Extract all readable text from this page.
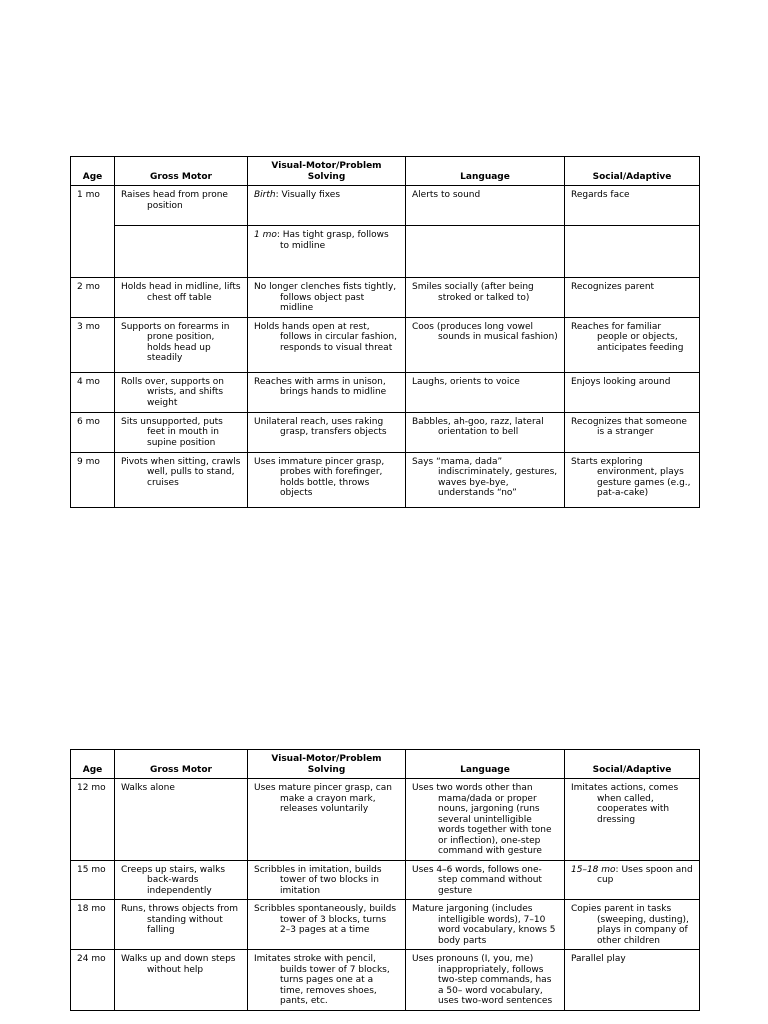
Age	Gross Motor	Visual-Motor/Problem Solving	Language	Social/Adaptive
1 mo	Raises head from prone position	Birth: Visually fixes	Alerts to sound	Regards face

		1 mo: Has tight grasp, follows to midline		

2 mo	Holds head in midline, lifts chest off table	No longer clenches fists tightly, follows object past midline	Smiles socially (after being stroked or talked to)	Recognizes parent

3 mo	Supports on forearms in prone position, holds head up steadily	Holds hands open at rest, follows in circular fashion, responds to visual threat	Coos (produces long vowel sounds in musical fashion)	Reaches for familiar people or objects, anticipates feeding

4 mo	Rolls over, supports on wrists, and shifts weight	Reaches with arms in unison, brings hands to midline	Laughs, orients to voice	Enjoys looking around

6 mo	Sits unsupported, puts feet in mouth in supine position	Unilateral reach, uses raking grasp, transfers objects	Babbles, ah-goo, razz, lateral orientation to bell	Recognizes that someone is a stranger

9 mo	Pivots when sitting, crawls well, pulls to stand, cruises	Uses immature pincer grasp, probes with forefinger, holds bottle, throws objects	Says “mama, dada” indiscriminately, gestures, waves bye-bye, understands “no”	Starts exploring environment, plays gesture games (e.g., pat-a-cake)
Age	Gross Motor	Visual-Motor/Problem Solving	Language	Social/Adaptive
12 mo	Walks alone	Uses mature pincer grasp, can make a crayon mark, releases voluntarily	Uses two words other than mama/dada or proper nouns, jargoning (runs several unintelligible words together with tone or inflection), one-step command with gesture	Imitates actions, comes when called, cooperates with dressing

15 mo	Creeps up stairs, walks back-wards independently	Scribbles in imitation, builds tower of two blocks in imitation	Uses 4–6 words, follows one-step command without gesture	15–18 mo: Uses spoon and cup

18 mo	Runs, throws objects from standing without falling	Scribbles spontaneously, builds tower of 3 blocks, turns 2–3 pages at a time	Mature jargoning (includes intelligible words), 7–10 word vocabulary, knows 5 body parts	Copies parent in tasks (sweeping, dusting), plays in company of other children

24 mo	Walks up and down steps without help	Imitates stroke with pencil, builds tower of 7 blocks, turns pages one at a time, removes shoes, pants, etc.	Uses pronouns (I, you, me) inappropriately, follows two-step commands, has a 50– word vocabulary, uses two-word sentences	Parallel play
